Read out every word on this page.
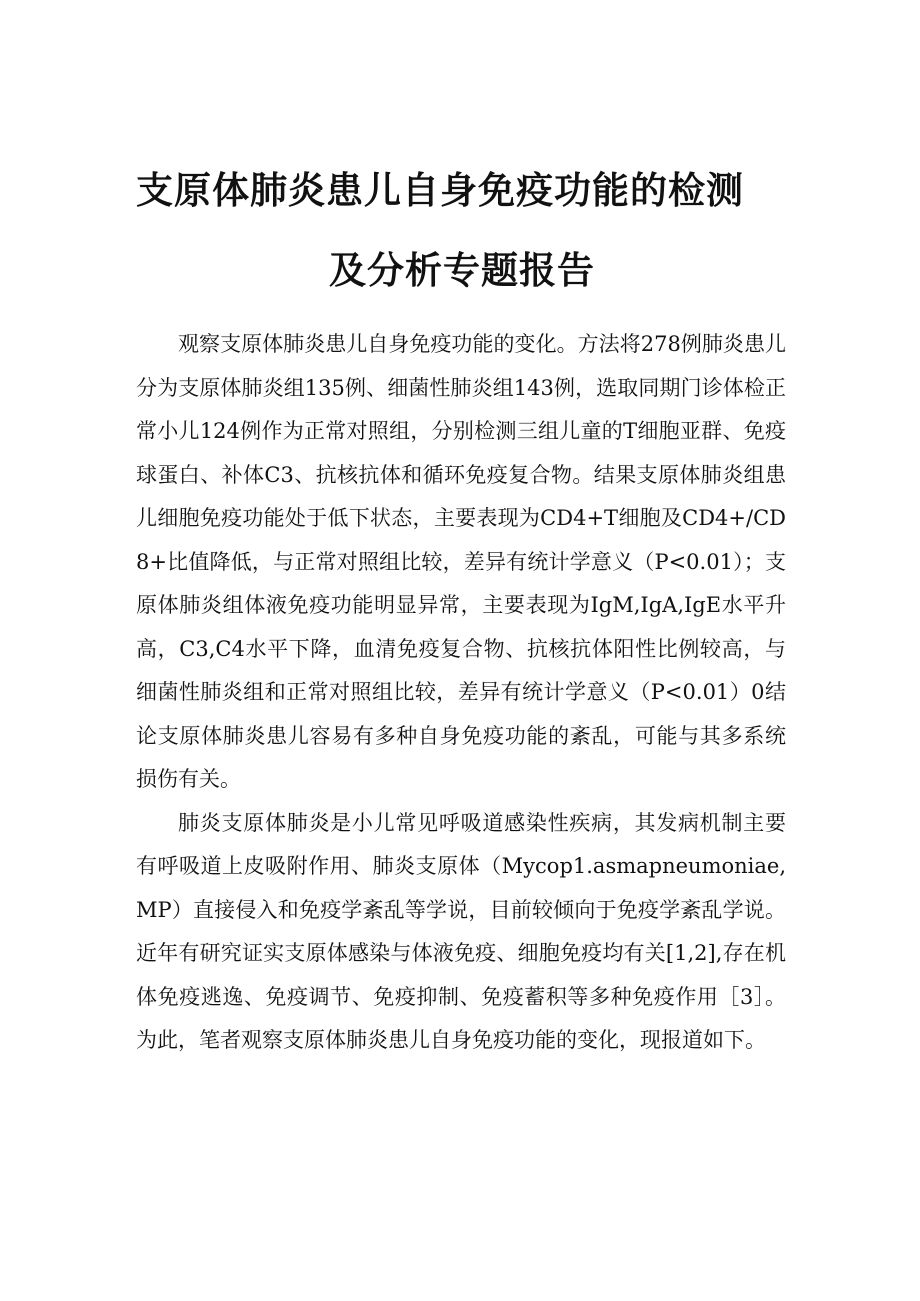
支原体肺炎患儿自身免疫功能的检测
及分析专题报告

观察支原体肺炎患儿自身免疫功能的变化。方法将278例肺炎患儿分为支原体肺炎组135例、细菌性肺炎组143例，选取同期门诊体检正常小儿124例作为正常对照组，分别检测三组儿童的T细胞亚群、免疫球蛋白、补体C3、抗核抗体和循环免疫复合物。结果支原体肺炎组患儿细胞免疫功能处于低下状态，主要表现为CD4+T细胞及CD4+/CD8+比值降低，与正常对照组比较，差异有统计学意义（P<0.01）；支原体肺炎组体液免疫功能明显异常，主要表现为IgM,IgA,IgE水平升高，C3,C4水平下降，血清免疫复合物、抗核抗体阳性比例较高，与细菌性肺炎组和正常对照组比较，差异有统计学意义（P<0.01）0结论支原体肺炎患儿容易有多种自身免疫功能的紊乱，可能与其多系统损伤有关。

肺炎支原体肺炎是小儿常见呼吸道感染性疾病，其发病机制主要有呼吸道上皮吸附作用、肺炎支原体（Mycop1.asmapneumoniae,MP）直接侵入和免疫学紊乱等学说，目前较倾向于免疫学紊乱学说。近年有研究证实支原体感染与体液免疫、细胞免疫均有关[1,2],存在机体免疫逃逸、免疫调节、免疫抑制、免疫蓄积等多种免疫作用［3］。为此，笔者观察支原体肺炎患儿自身免疫功能的变化，现报道如下。
